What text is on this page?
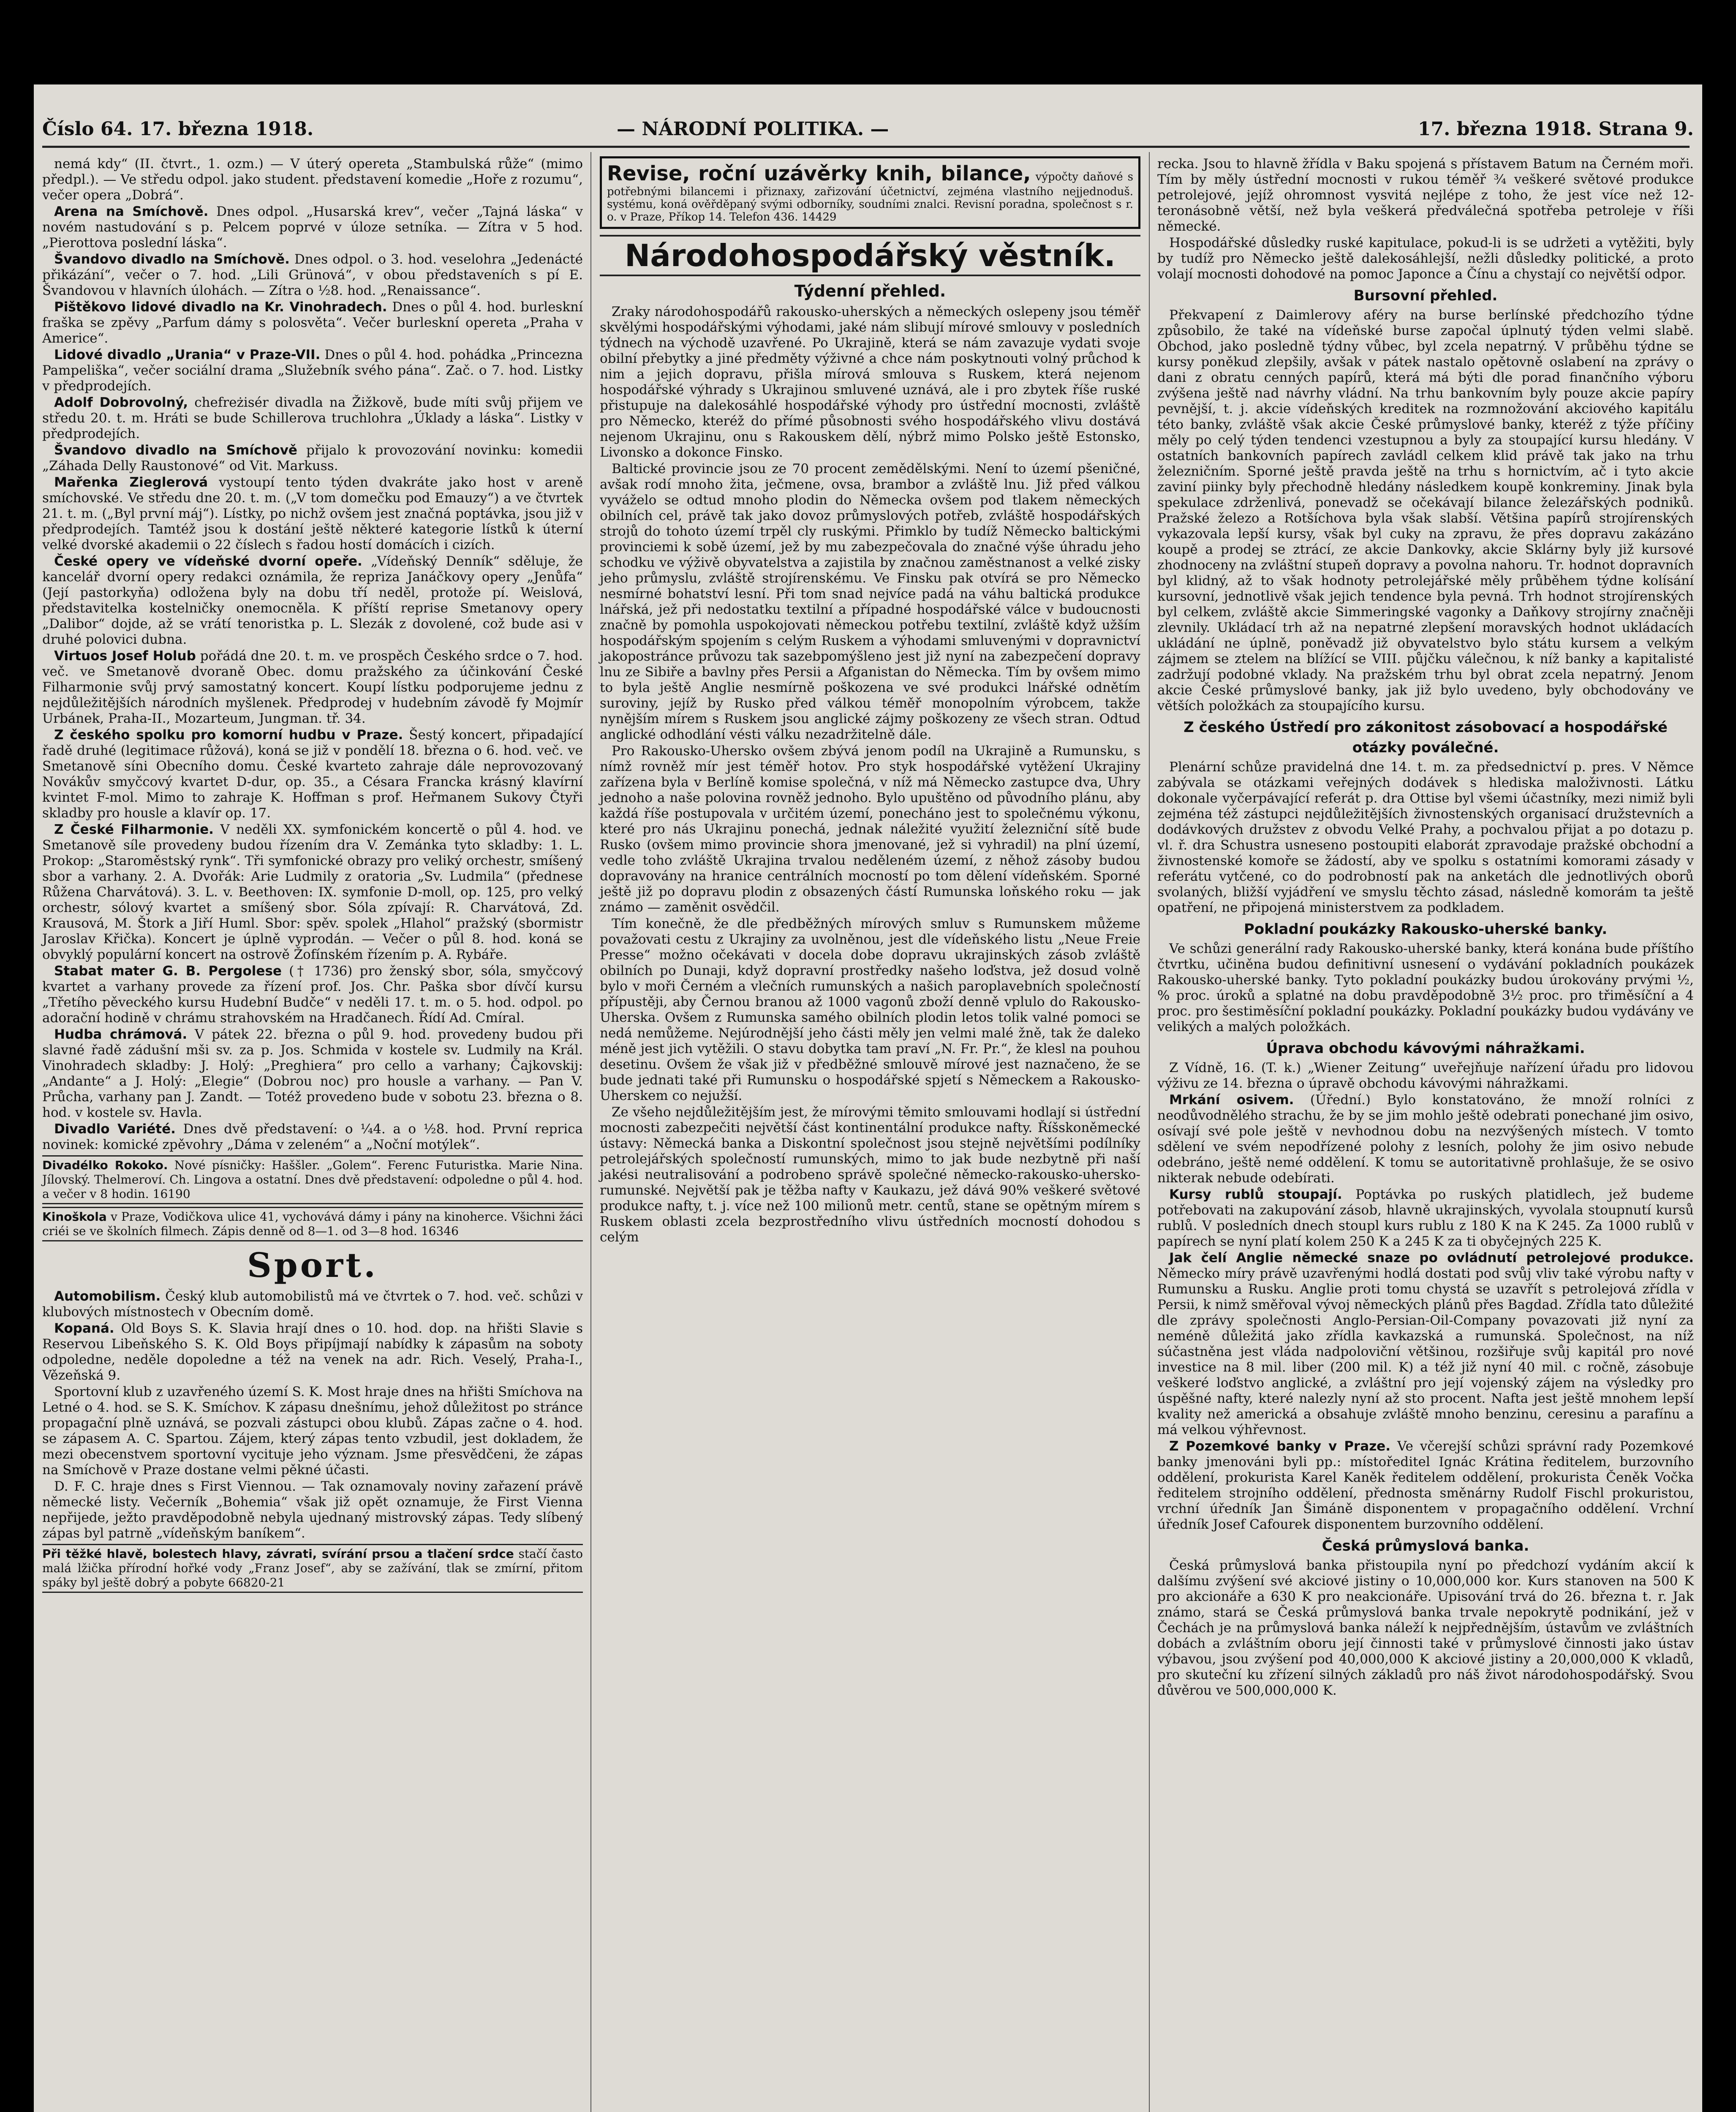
Číslo 64. 17. března 1918.	— NÁRODNÍ POLITIKA. —	17. března 1918. Strana 9.

nemá kdy“ (II. čtvrt., 1. ozm.) — V úterý opereta „Stambulská růže“ (mimo předpl.). — Ve středu odpol. jako student. představení komedie „Hoře z rozumu“, večer opera „Dobrá“.

Arena na Smíchově. Dnes odpol. „Husarská krev“, večer „Tajná láska“ v novém nastudování s p. Pelcem poprvé v úloze setníka. — Zítra v 5 hod. „Pierottova poslední láska“.

Švandovo divadlo na Smíchově. Dnes odpol. o 3. hod. veselohra „Jedenácté přikázání“, večer o 7. hod. „Lili Grünová“, v obou představeních s pí E. Švandovou v hlavních úlohách. — Zítra o ½8. hod. „Renaissance“.

Pištěkovo lidové divadlo na Kr. Vinohradech. Dnes o půl 4. hod. burleskní fraška se zpěvy „Parfum dámy s polosvěta“. Večer burleskní opereta „Praha v Americe“.

Lidové divadlo „Urania“ v Praze-VII. Dnes o půl 4. hod. pohádka „Princezna Pampeliška“, večer sociální drama „Služebník svého pána“. Zač. o 7. hod. Listky v předprodejích.

Adolf Dobrovolný, chefreżisér divadla na Žižkově, bude míti svůj přijem ve středu 20. t. m. Hráti se bude Schillerova truchlohra „Úklady a láska“. Listky v předprodejích.

Švandovo divadlo na Smíchově přijalo k provozování novinku: komedii „Záhada Delly Raustonové“ od Vit. Markuss.

Mařenka Zieglerová vystoupí tento týden dvakráte jako host v areně smíchovské. Ve středu dne 20. t. m. („V tom domečku pod Emauzy“) a ve čtvrtek 21. t. m. („Byl první máj“). Lístky, po nichž ovšem jest značná poptávka, jsou již v předprodejích. Tamtéž jsou k dostání ještě některé kategorie lístků k úterní velké dvorské akademii o 22 číslech s řadou hostí domácích i cizích.

České opery ve vídeňské dvorní opeře. „Vídeňský Denník“ sděluje, že kancelář dvorní opery redakci oznámila, že repriza Janáčkovy opery „Jenůfa“ (Její pastorkyňa) odložena byly na dobu tří neděl, protože pí. Weislová, představitelka kostelničky onemocněla. K příští reprise Smetanovy opery „Dalibor“ dojde, až se vrátí tenoristka p. L. Slezák z dovolené, což bude asi v druhé polovici dubna.

Virtuos Josef Holub pořádá dne 20. t. m. ve prospěch Českého srdce o 7. hod. več. ve Smetanově dvoraně Obec. domu pražského za účinkování České Filharmonie svůj prvý samostatný koncert. Koupí lístku podporujeme jednu z nejdůležitějších národních myšlenek. Předprodej v hudebním závodě fy Mojmír Urbánek, Praha-II., Mozarteum, Jungman. tř. 34.

Z českého spolku pro komorní hudbu v Praze. Šestý koncert, připadající řadě druhé (legitimace růžová), koná se již v pondělí 18. března o 6. hod. več. ve Smetanově síni Obecního domu. České kvarteto zahraje dále neprovozovaný Novákův smyčcový kvartet D-dur, op. 35., a Césara Francka krásný klavírní kvintet F-mol. Mimo to zahraje K. Hoffman s prof. Heřmanem Sukovy Čtyři skladby pro housle a klavír op. 17.

Z České Filharmonie. V neděli XX. symfonickém koncertě o půl 4. hod. ve Smetanově síle provedeny budou řízením dra V. Zemánka tyto skladby: 1. L. Prokop: „Staroměstský rynk“. Tři symfonické obrazy pro veliký orchestr, smíšený sbor a varhany. 2. A. Dvořák: Arie Ludmily z oratoria „Sv. Ludmila“ (přednese Růžena Charvátová). 3. L. v. Beethoven: IX. symfonie D-moll, op. 125, pro velký orchestr, sólový kvartet a smíšený sbor. Sóla zpívají: R. Charvátová, Zd. Krausová, M. Štork a Jiří Huml. Sbor: spěv. spolek „Hlahol“ pražský (sbormistr Jaroslav Křička). Koncert je úplně vyprodán. — Večer o půl 8. hod. koná se obvyklý populární koncert na ostrově Žofínském řízením p. A. Rybáře.

Stabat mater G. B. Pergolese († 1736) pro ženský sbor, sóla, smyčcový kvartet a varhany provede za řízení prof. Jos. Chr. Paška sbor dívčí kursu „Třetího pěveckého kursu Hudební Budče“ v neděli 17. t. m. o 5. hod. odpol. po adorační hodině v chrámu strahovském na Hradčanech. Řídí Ad. Cmíral.

Hudba chrámová. V pátek 22. března o půl 9. hod. provedeny budou při slavné řadě zádušní mši sv. za p. Jos. Schmida v kostele sv. Ludmily na Král. Vinohradech skladby: J. Holý: „Preghiera“ pro cello a varhany; Čajkovskij: „Andante“ a J. Holý: „Elegie“ (Dobrou noc) pro housle a varhany. — Pan V. Průcha, varhany pan J. Zandt. — Totéž provedeno bude v sobotu 23. března o 8. hod. v kostele sv. Havla.

Divadlo Variété. Dnes dvě představení: o ¼4. a o ½8. hod. První repriса novinek: komické zpěvohry „Dáma v zeleném“ a „Noční motýlek“.

Divadélko Rokoko. Nové písničky: Haššler. „Golem“. Ferenc Futuristka. Marie Nina. Jílovský. Thelmeroví. Ch. Lingova a ostatní. Dnes dvě představení: odpoledne o půl 4. hod. a večer v 8 hodin. 16190
Kinoškola v Praze, Vodičkova ulice 41, vychovává dámy i pány na kinoherce. Všichni žáci criéi se ve školních filmech. Zápis denně od 8—1. od 3—8 hod. 16346
Sport.

Automobilism. Český klub automobilistů má ve čtvrtek o 7. hod. več. schůzi v klubových místnostech v Obecním domě.

Kopaná. Old Boys S. K. Slavia hrají dnes o 10. hod. dop. na hřišti Slavie s Reservou Libeňského S. K. Old Boys připíjmají nabídky k zápasům na soboty odpoledne, neděle dopoledne a též na venek na adr. Rich. Veselý, Praha-I., Vězeňská 9.

Sportovní klub z uzavřeného území S. K. Most hraje dnes na hřišti Smíchova na Letné o 4. hod. se S. K. Smíchov. K zápasu dnešnímu, jehož důležitost po stránce propagační plně uznává, se pozvali zástupci obou klubů. Zápas začne o 4. hod. se zápasem A. C. Spartou. Zájem, který zápas tento vzbudil, jest dokladem, že mezi obecenstvem sportovní vycituje jeho význam. Jsme přesvědčeni, že zápas na Smíchově v Praze dostane velmi pěkné účasti.

D. F. C. hraje dnes s First Viennou. — Tak oznamovaly noviny zařazení právě německé listy. Večerník „Bohemia“ však již opět oznamuje, že First Vienna nepřijede, ježto pravděpodobně nebyla ujednaný mistrovský zápas. Tedy slíbený zápas byl patrně „vídeňským baníkem“.

Při těžké hlavě, bolestech hlavy, závrati, svírání prsou a tlačení srdce stačí často malá lžička přírodní hořké vody „Franz Josef“, aby se zažívání, tlak se zmírní, přitom spáky byl ještě dobrý a pobyte 66820-21
Revise, roční uzávěrky knih, bilance, výpočty daňové s potřebnými bilancemi i přiznaxy, zařizování účetnictví, zejména vlastního nejjednoduš. systému, koná ověřděpaný svými odborníky, soudními znalci. Revisní poradna, společnost s r. o. v Praze, Příkop 14. Telefon 436. 14429
Národohospodářský věstník.
Týdenní přehled.

Zraky národohospodářů rakousko-uherských a německých oslepeny jsou téměř skvělými hospodářskými výhodami, jaké nám slibují mírové smlouvy v posledních týdnech na východě uzavřené. Po Ukrajině, která se nám zavazuje vydati svoje obilní přebytky a jiné předměty výživné a chce nám poskytnouti volný průchod k nim a jejich dopravu, přišla mírová smlouva s Ruskem, která nejenom hospodářské výhrady s Ukrajinou smluvené uznává, ale i pro zbytek říše ruské přistupuje na dalekosáhlé hospodářské výhody pro ústřední mocnosti, zvláště pro Německo, kteréž do přímé působnosti svého hospodářského vlivu dostává nejenom Ukrajinu, onu s Rakouskem dělí, nýbrž mimo Polsko ještě Estonsko, Livonsko a dokonce Finsko.

Baltické provincie jsou ze 70 procent zemědělskými. Není to území pšeničné, avšak rodí mnoho žita, ječmene, ovsa, brambor a zvláště lnu. Již před válkou vyváželo se odtud mnoho plodin do Německa ovšem pod tlakem německých obilních cel, právě tak jako dovoz průmyslových potřeb, zvláště hospodářských strojů do tohoto území trpěl cly ruskými. Přimklo by tudíž Německo baltickými provinciemi k sobě území, jež by mu zabezpečovala do značné výše úhradu jeho schodku ve výživě obyvatelstva a zajistila by značnou zaměstnanost a velké zisky jeho průmyslu, zvláště strojírenskému. Ve Finsku pak otvírá se pro Německo nesmírné bohatství lesní. Při tom snad nejvíce padá na váhu baltická produkce lnářská, jež při nedostatku textilní a případné hospodářské válce v budoucnosti značně by pomohla uspokojovati německou potřebu textilní, zvláště když užším hospodářským spojením s celým Ruskem a výhodami smluvenými v dopravnictví jakopostránce průvozu tak sazebpomýšleno jest již nyní na zabezpečení dopravy lnu ze Sibiře a bavlny přes Persii a Afganistan do Německa. Tím by ovšem mimo to byla ještě Anglie nesmírně poškozena ve své produkci lnářské odnětím suroviny, jejíž by Rusko před válkou téměř monopolním výrobcem, takže nynějším mírem s Ruskem jsou anglické zájmy poškozeny ze všech stran. Odtud anglické odhodlání vésti válku nezadržitelně dále.

Pro Rakousko-Uhersko ovšem zbývá jenom podíl na Ukrajině a Rumunsku, s nímž rovněž mír jest téměř hotov. Pro styk hospodářské vytěžení Ukrajiny zařízena byla v Berlíně komise společná, v níž má Německo zastupce dva, Uhry jednoho a naše polovina rovněž jednoho. Bylo upuštěno od původního plánu, aby každá říše postupovala v určitém území, ponecháno jest to společnému výkonu, které pro nás Ukrajinu ponechá, jednak náležité využití železniční sítě bude Rusko (ovšem mimo provincie shora jmenované, jež si vyhradil) na plní území, vedle toho zvláště Ukrajina trvalou neděleném území, z něhož zásoby budou dopravovány na hranice centrálních mocností po tom dělení vídeňském. Sporné ještě již po dopravu plodin z obsazených částí Rumunska loňského roku — jak známo — zaměnit osvědčil.

Tím konečně, že dle předběžných mírových smluv s Rumunskem můžeme považovati cestu z Ukrajiny za uvolněnou, jest dle vídeňského listu „Neue Freie Presse“ možno očekávati v docela dobe dopravu ukrajinských zásob zvláště obilních po Dunaji, když dopravní prostředky našeho loďstva, jež dosud volně bylo v moři Černém a vlečních rumunských a našich paroplavebních společností přípustěji, aby Černou branou až 1000 vagonů zboží denně vplulo do Rakousko-Uherska. Ovšem z Rumunska samého obilních plodin letos tolik valné pomoci se nedá nemůžeme. Nejúrodnější jeho části měly jen velmi malé žně, tak že daleko méně jest jich vytěžili. O stavu dobytka tam praví „N. Fr. Pr.“, že klesl na pouhou desetinu. Ovšem že však již v předběžné smlouvě mírové jest naznačeno, že se bude jednati také při Rumunsku o hospodářské spjetí s Německem a Rakousko-Uherskem co nejužší.

Ze všeho nejdůležitějším jest, že mírovými těmito smlouvami hodlají si ústřední mocnosti zabezpečiti největší část kontinentální produkce nafty. Říšskoněmecké ústavy: Německá banka a Diskontní společnost jsou stejně největšími podílníky petrolejářských společností rumunských, mimo to jak bude nezbytně při naší jakési neutralisování a podrobeno správě společné německo-rakousko-uhersko-rumunské. Největší pak je těžba nafty v Kaukazu, jež dává 90% veškeré světové produkce nafty, t. j. více než 100 milionů metr. centů, stane se opětným mírem s Ruskem oblasti zcela bezprostředního vlivu ústředních mocností dohodou s celým

recka. Jsou to hlavně žřídla v Baku spojená s přístavem Batum na Černém moři. Tím by měly ústřední mocnosti v rukou téměř ¾ veškeré světové produkce petrolejové, jejíž ohromnost vysvitá nejlépe z toho, že jest více než 12-teronásobně větší, než byla veškerá předválečná spotřeba petroleje v říši německé.

Hospodářské důsledky ruské kapitulace, pokud-li is se udržeti a vytěžiti, byly by tudíž pro Německo ještě dalekosáhlejší, nežli důsledky politické, a proto volají mocnosti dohodové na pomoc Japonce a Čínu a chystají co největší odpor.

Bursovní přehled.

Překvapení z Daimlerovy aféry na burse berlínské předchozího týdne způsobilo, že také na vídeňské burse započal úplnutý týden velmi slabě. Obchod, jako posledně týdny vůbec, byl zcela nepatrný. V průběhu týdne se kursy poněkud zlepšily, avšak v pátek nastalo opětovně oslabení na zprávy o dani z obratu cenných papírů, která má býti dle porad finančního výboru zvýšena ještě nad návrhy vládní. Na trhu bankovním byly pouze akcie papíry pevnější, t. j. akcie vídeňských kreditek na rozmnožování akciového kapitálu této banky, zvláště však akcie České průmyslové banky, kteréž z týže příčiny měly po celý týden tendenci vzestupnou a byly za stoupající kursu hledány. V ostatních bankovních papírech zavládl celkem klid právě tak jako na trhu železničním. Sporné ještě pravda ještě na trhu s hornictvím, ač i tyto akcie zaviní piinky byly přechodně hledány následkem koupě konkreminy. Jinak byla spekulace zdrženlivá, ponevadž se očekávají bilance železářských podniků. Pražské železo a Rotšíchova byla však slabší. Většina papírů strojírenských vykazovala lepší kursy, však byl cuky na zpravu, že přes dopravu zakázáno koupě a prodej se ztrácí, ze akcie Dankovky, akcie Sklárny byly již kursové zhodnoceny na zvláštní stupeň dopravy a povolna nahoru. Tr. hodnot dopravních byl klidný, až to však hodnoty petrolejářské měly průběhem týdne kolísání kursovní, jednotlivě však jejich tendence byla pevná. Trh hodnot strojírenských byl celkem, zvláště akcie Simmeringské vagonky a Daňkovy strojírny značněji zlevnily. Ukládací trh až na nepatrné zlepšení moravských hodnot ukládacích ukládání ne úplně, poněvadž již obyvatelstvo bylo státu kursem a velkým zájmem se ztelem na blížící se VIII. půjčku válečnou, k níž banky a kapitalisté zadržují podobné vklady. Na pražském trhu byl obrat zcela nepatrný. Jenom akcie České průmyslové banky, jak již bylo uvedeno, byly obchodovány ve větších položkách za stoupajícího kursu.

Z českého Ústředí pro zákonitost zásobovací a hospodářské otázky poválečné.

Plenární schůze pravidelná dne 14. t. m. za předsednictví p. pres. V Němce zabývala se otázkami veřejných dodávek s hlediska maloživnosti. Látku dokonale vyčerpávající referát p. dra Ottise byl všemi účastníky, mezi nimiž byli zejména též zástupci nejdůležitějších živnostenských organisací družstevních a dodávkových družstev z obvodu Velké Prahy, a pochvalou přijat a po dotazu p. vl. ř. dra Schustra usneseno postoupiti elaborát zpravodaje pražské obchodní a živnostenské komoře se žádostí, aby ve spolku s ostatními komorami zásady v referátu vytčené, co do podrobností pak na anketách dle jednotlivých oborů svolaných, bližší vyjádření ve smyslu těchto zásad, následně komorám ta ještě opatření, ne připojená ministerstvem za podkladem.

Pokladní poukázky Rakousko-uherské banky.

Ve schůzi generální rady Rakousko-uherské banky, která konána bude příštího čtvrtku, učiněna budou definitivní usnesení o vydávání pokladních poukázek Rakousko-uherské banky. Tyto pokladní poukázky budou úrokovány prvými ½, % proc. úroků a splatné na dobu pravděpodobně 3½ proc. pro třiměsíční a 4 proc. pro šestiměsíční pokladní poukázky. Pokladní poukázky budou vydávány ve velikých a malých položkách.

Úprava obchodu kávovými náhražkami.

Z Vídně, 16. (T. k.) „Wiener Zeitung“ uveřejňuje nařízení úřadu pro lidovou výživu ze 14. března o úpravě obchodu kávovými náhražkami.

Mrkání osivem. (Úřední.) Bylo konstatováno, že množí rolníci z neodůvodnělého strachu, že by se jim mohlo ještě odebrati ponechané jim osivo, osívají své pole ještě v nevhodnou dobu na nezvýšených místech. V tomto sdělení ve svém nepodřízené polohy z lesních, polohy že jim osivo nebude odebráno, ještě nemé oddělení. K tomu se autoritativně prohlašuje, že se osivo nikterak nebude odebírati.

Kursy rublů stoupají. Poptávka po ruských platidlech, jež budeme potřebovati na zakupování zásob, hlavně ukrajinských, vyvolala stoupnutí kursů rublů. V posledních dnech stoupl kurs rublu z 180 K na K 245. Za 1000 rublů v papírech se nyní platí kolem 250 K a 245 K za ti obyčejných 225 K.

Jak čelí Anglie německé snaze po ovládnutí petrolejové produkce. Německo míry právě uzavřenými hodlá dostati pod svůj vliv také výrobu nafty v Rumunsku a Rusku. Anglie proti tomu chystá se uzavřít s petrolejová zřídla v Persii, k nimž směřoval vývoj německých plánů přes Bagdad. Zřídla tato důležité dle zprávy společnosti Anglo-Persian-Oil-Company povazovati již nyní za neméně důležitá jako zřídla kavkazská a rumunská. Společnost, na níž súčastněna jest vláda nadpoloviční většinou, rozšiřuje svůj kapitál pro nové investice na 8 mil. liber (200 mil. K) a též již nyní 40 mil. c ročně, zásobuje veškeré loďstvo anglické, a zvláštní pro její vojenský zájem na výsledky pro úspěšné nafty, které nalezly nyní až sto procent. Nafta jest ještě mnohem lepší kvality než americká a obsahuje zvláště mnoho benzinu, ceresinu a parafínu a má velkou výhřevnost.

Z Pozemkové banky v Praze. Ve včerejší schůzi správní rady Pozemkové banky jmenováni byli pp.: místoředitel Ignác Krátina ředitelem, burzovního oddělení, prokurista Karel Kaněk ředitelem oddělení, prokurista Čeněk Vočka ředitelem strojního oddělení, přednosta směnárny Rudolf Fischl prokuristou, vrchní úředník Jan Šimáně disponentem v propagačního oddělení. Vrchní úředník Josef Cafourek disponentem burzovního oddělení.

Česká průmyslová banka.

Česká průmyslová banka přistoupila nyní po předchozí vydáním akcií k dalšímu zvýšení své akciové jistiny o 10,000,000 kor. Kurs stanoven na 500 K pro akcionáře a 630 K pro neakcionáře. Upisování trvá do 26. března t. r. Jak známo, stará se Česká průmyslová banka trvale nepokrytě podnikání, jež v Čechách je na průmyslová banka náleží k nejpřednějším, ústavům ve zvláštních dobách a zvláštním oboru její činnosti také v průmyslové činnosti jako ústav výbavou, jsou zvýšení pod 40,000,000 K akciové jistiny a 20,000,000 K vkladů, pro skuteční ku zřízení silných základů pro náš život národohospodářský. Svou důvěrou ve 500,000,000 K.
